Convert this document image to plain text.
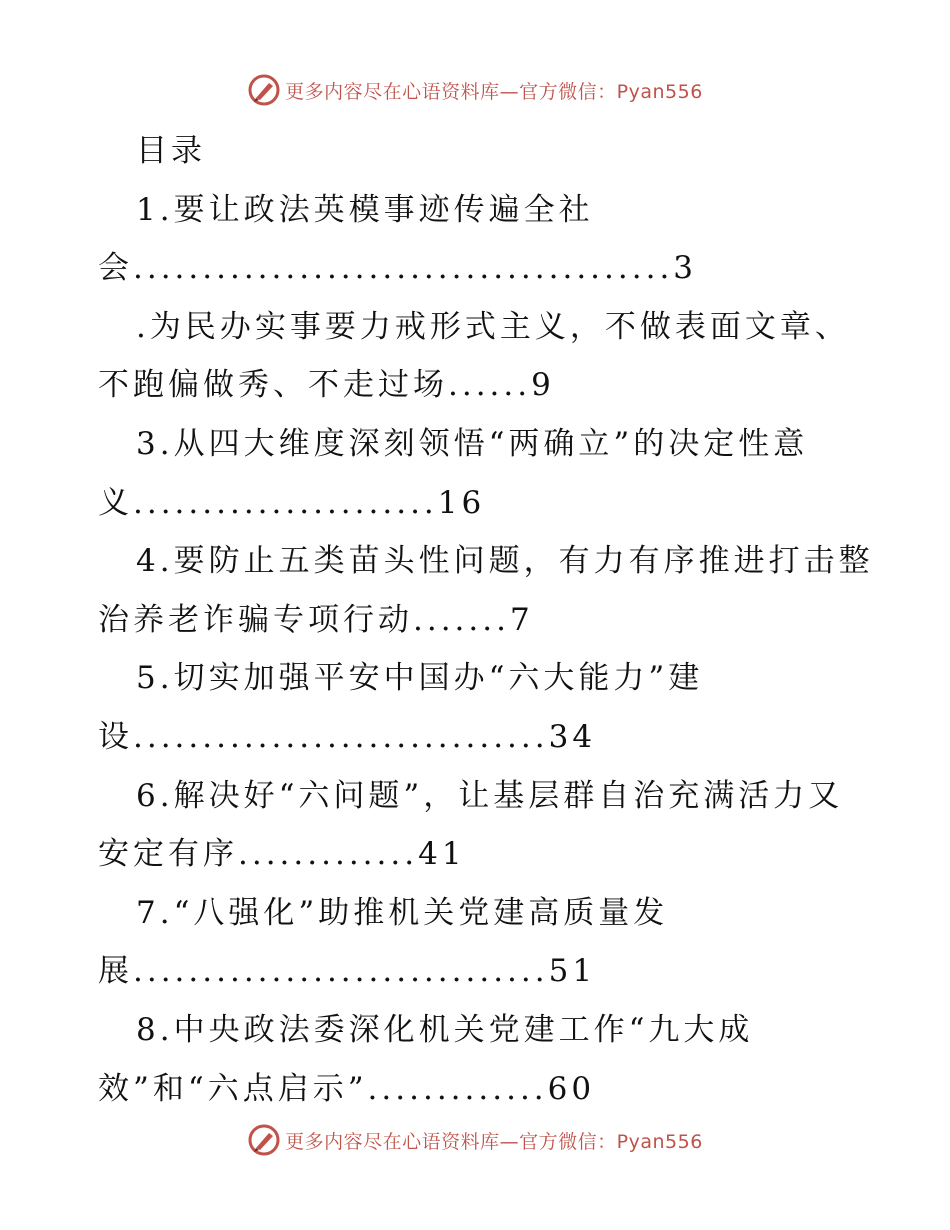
更多内容尽在心语资料库—官方微信：Pyan556
目录
1.要让政法英模事迹传遍全社
会.......................................3
.为民办实事要力戒形式主义，不做表面文章、
不跑偏做秀、不走过场......9
3.从四大维度深刻领悟“两确立”的决定性意
义......................16
4.要防止五类苗头性问题，有力有序推进打击整
治养老诈骗专项行动.......7
5.切实加强平安中国办“六大能力”建
设..............................34
6.解决好“六问题”，让基层群自治充满活力又
安定有序.............41
7.“八强化”助推机关党建高质量发
展..............................51
8.中央政法委深化机关党建工作“九大成
效”和“六点启示”.............60
更多内容尽在心语资料库—官方微信：Pyan556
